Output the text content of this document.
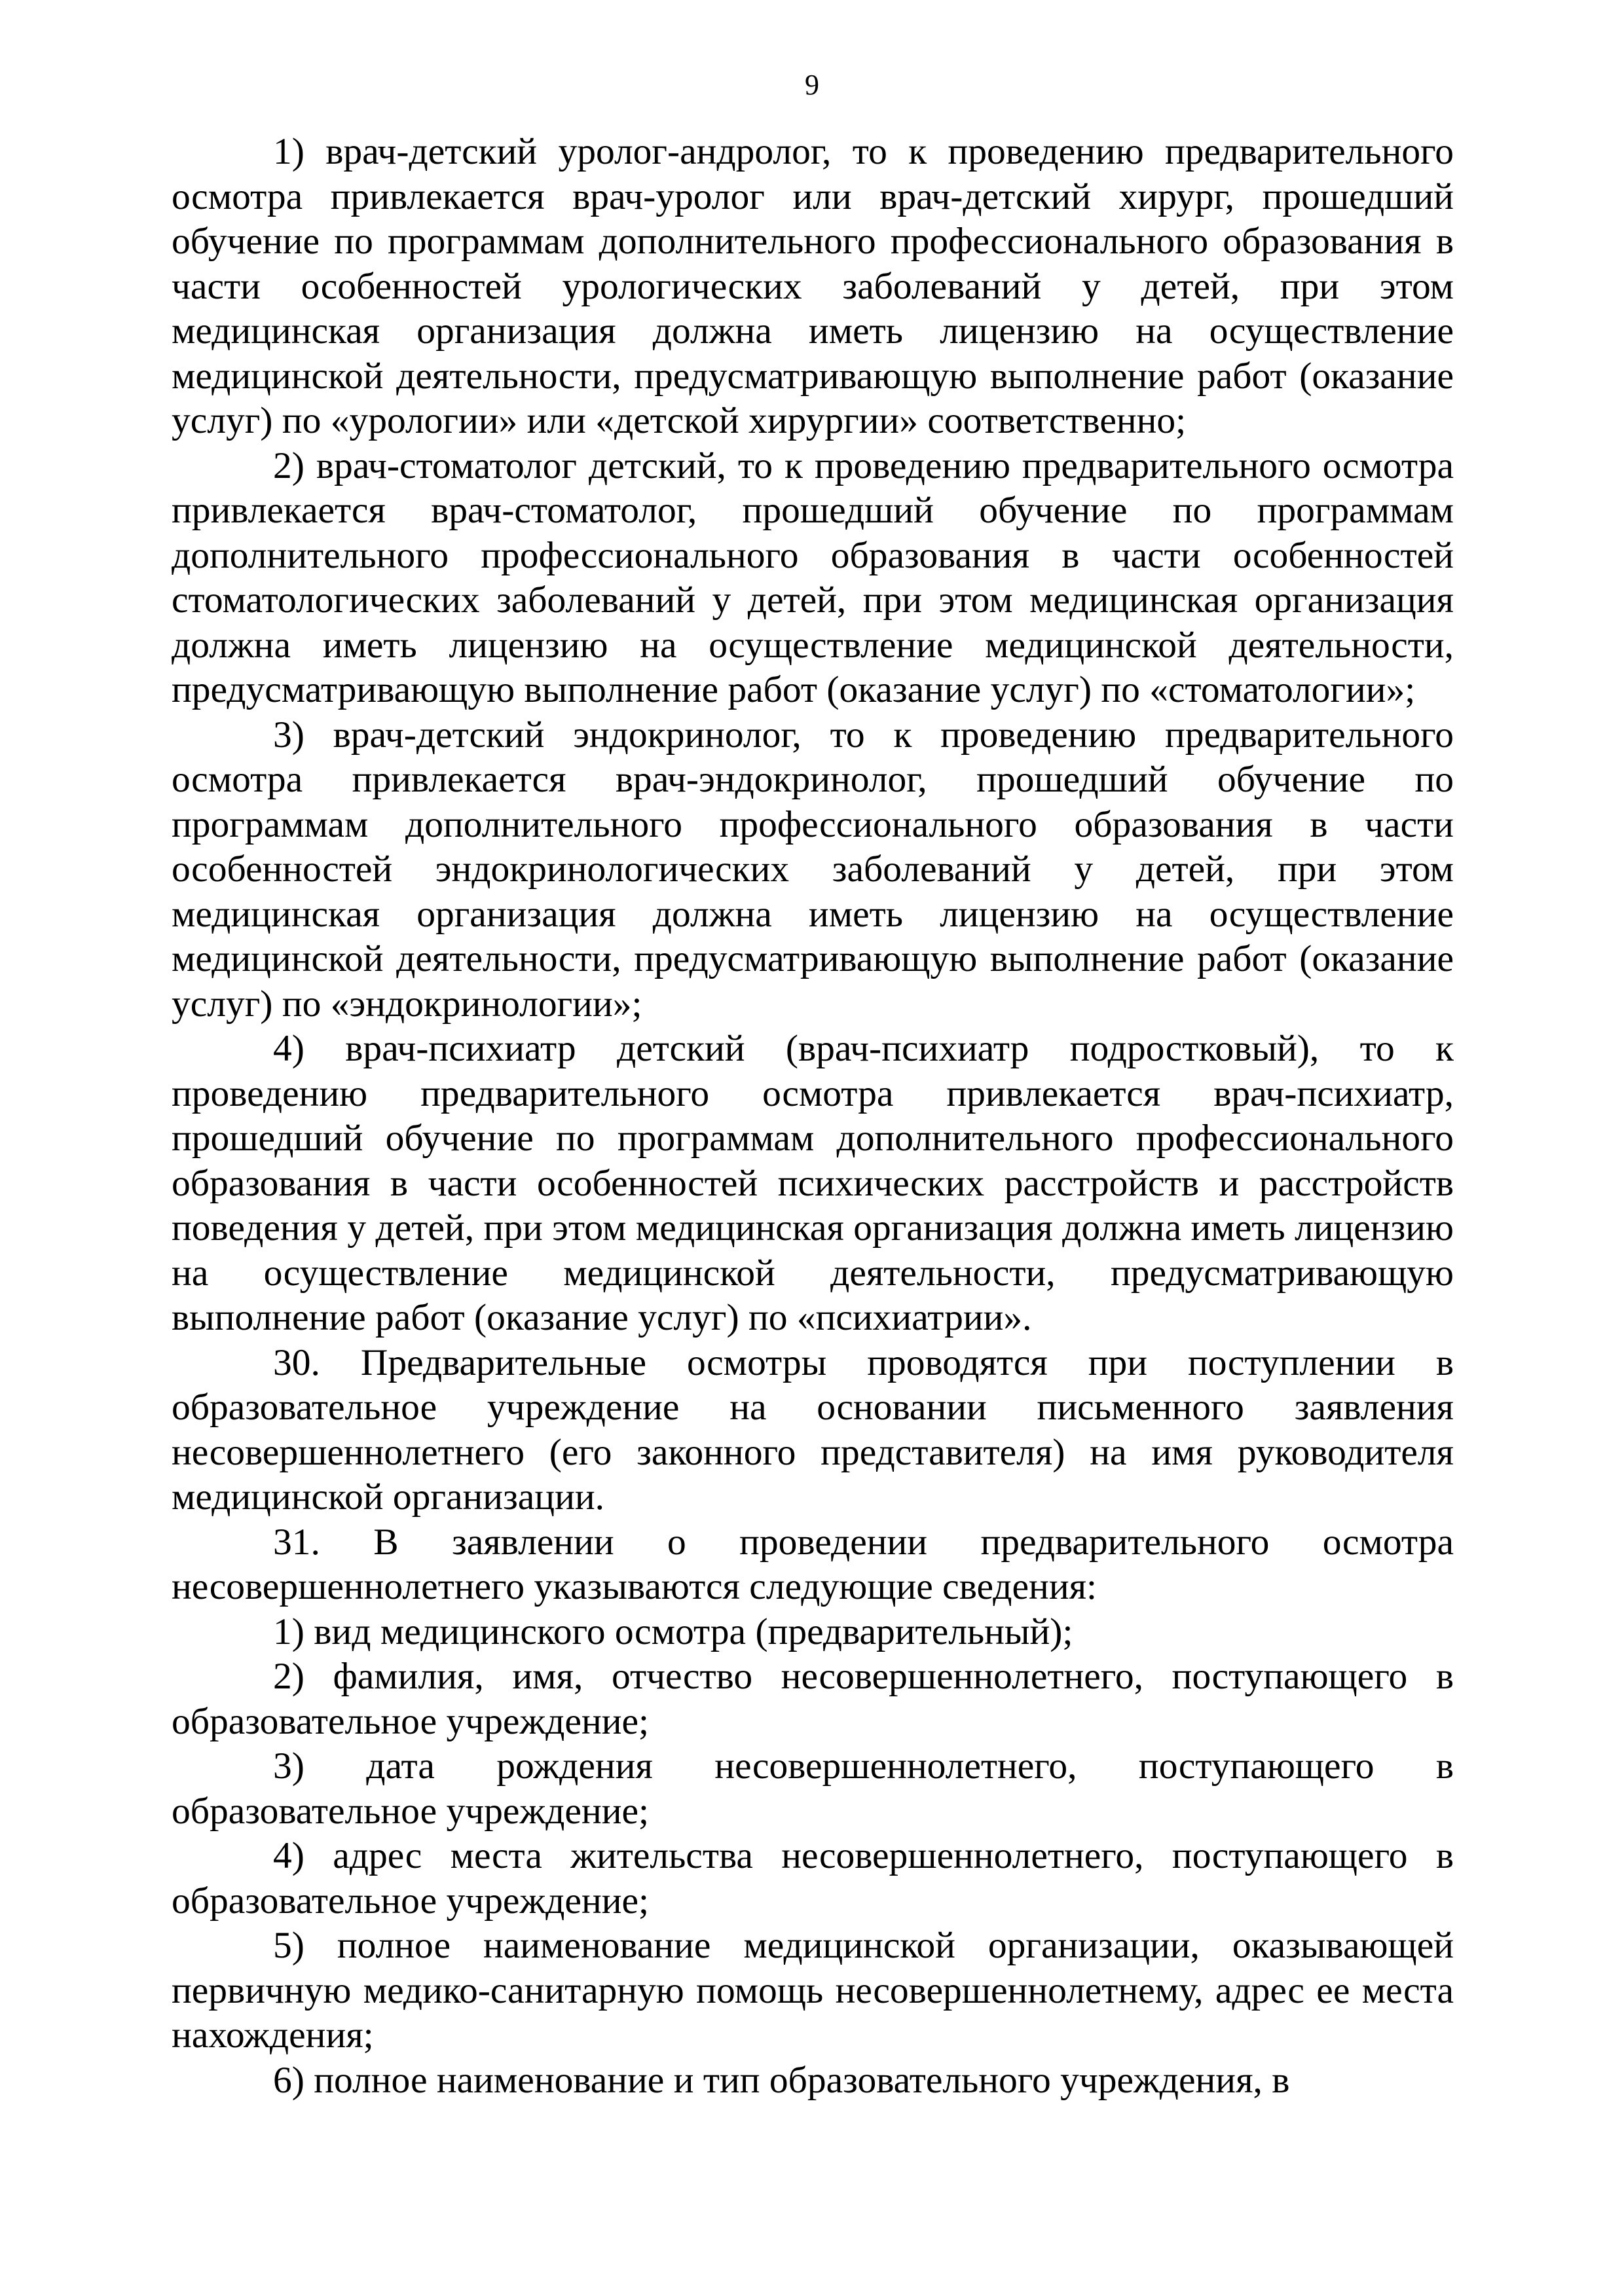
9

1) врач-детский уролог-андролог, то к проведению предварительного осмотра привлекается врач-уролог или врач-детский хирург, прошедший обучение по программам дополнительного профессионального образования в части особенностей урологических заболеваний у детей, при этом медицинская организация должна иметь лицензию на осуществление медицинской деятельности, предусматривающую выполнение работ (оказание услуг) по «урологии» или «детской хирургии» соответственно;

2) врач-стоматолог детский, то к проведению предварительного осмотра привлекается врач-стоматолог, прошедший обучение по программам дополнительного профессионального образования в части особенностей стоматологических заболеваний у детей, при этом медицинская организация должна иметь лицензию на осуществление медицинской деятельности, предусматривающую выполнение работ (оказание услуг) по «стоматологии»;

3) врач-детский эндокринолог, то к проведению предварительного осмотра привлекается врач-эндокринолог, прошедший обучение по программам дополнительного профессионального образования в части особенностей эндокринологических заболеваний у детей, при этом медицинская организация должна иметь лицензию на осуществление медицинской деятельности, предусматривающую выполнение работ (оказание услуг) по «эндокринологии»;

4) врач-психиатр детский (врач-психиатр подростковый), то к проведению предварительного осмотра привлекается врач-психиатр, прошедший обучение по программам дополнительного профессионального образования в части особенностей психических расстройств и расстройств поведения у детей, при этом медицинская организация должна иметь лицензию на осуществление медицинской деятельности, предусматривающую выполнение работ (оказание услуг) по «психиатрии».

30. Предварительные осмотры проводятся при поступлении в образовательное учреждение на основании письменного заявления несовершеннолетнего (его законного представителя) на имя руководителя медицинской организации.

31. В заявлении о проведении предварительного осмотра несовершеннолетнего указываются следующие сведения:

1) вид медицинского осмотра (предварительный);

2) фамилия, имя, отчество несовершеннолетнего, поступающего в образовательное учреждение;

3) дата рождения несовершеннолетнего, поступающего в образовательное учреждение;

4) адрес места жительства несовершеннолетнего, поступающего в образовательное учреждение;

5) полное наименование медицинской организации, оказывающей первичную медико-санитарную помощь несовершеннолетнему, адрес ее места нахождения;

6) полное наименование и тип образовательного учреждения, в
